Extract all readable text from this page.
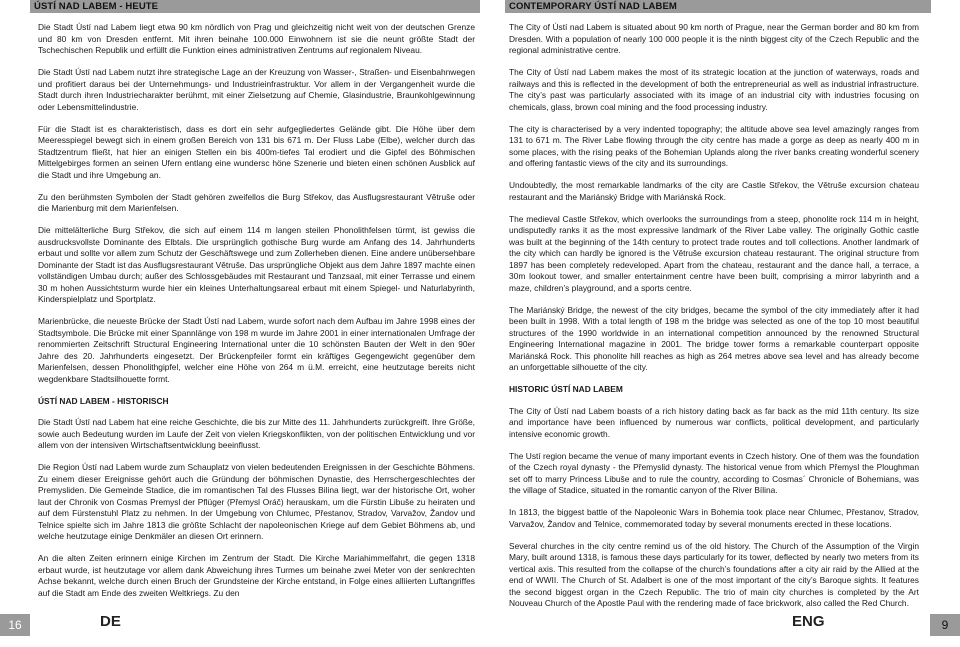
ÚSTÍ NAD LABEM - HEUTE	CONTEMPORARY ÚSTÍ NAD LABEM

Die Stadt Ústí nad Labem liegt etwa 90 km nördlich von Prag und gleichzeitig nicht weit von der deutschen Grenze und 80 km von Dresden entfernt. Mit ihren beinahe 100.000 Einwohnern ist sie die neunt größte Stadt der Tschechischen Republik und erfüllt die Funktion eines administrativen Zentrums auf regionalem Niveau.

Die Stadt Ústí nad Labem nutzt ihre strategische Lage an der Kreuzung von Wasser-, Straßen- und Eisenbahnwegen und profitiert daraus bei der Unternehmungs- und Industrieinfrastruktur. Vor allem in der Vergangenheit wurde die Stadt durch ihren Industriecharakter berühmt, mit einer Zielsetzung auf Chemie, Glasindustrie, Braunkohlgewinnung oder Lebensmittelindustrie.

Für die Stadt ist es charakteristisch, dass es dort ein sehr aufgegliedertes Gelände gibt. Die Höhe über dem Meeresspiegel bewegt sich in einem großen Bereich von 131 bis 671 m. Der Fluss Labe (Elbe), welcher durch das Stadtzentrum fließt, hat hier an einigen Stellen ein bis 400m-tiefes Tal erodiert und die Gipfel des Böhmischen Mittelgebirges formen an seinen Ufern entlang eine wundersc höne Szenerie und bieten einen schönen Ausblick auf die Stadt und ihre Umgebung an.

Zu den berühmsten Symbolen der Stadt gehören zweifellos die Burg Střekov, das Ausflugsrestaurant Větruše oder die Marienburg mit dem Marienfelsen.

Die mittelälterliche Burg Střekov, die sich auf einem 114 m langen steilen Phonolithfelsen türmt, ist gewiss die ausdrucksvollste Dominante des Elbtals. Die ursprünglich gothische Burg wurde am Anfang des 14. Jahrhunderts erbaut und sollte vor allem zum Schutz der Geschäftswege und zum Zollerheben dienen. Eine andere unübersehbare Dominante der Stadt ist das Ausflugsrestaurant Větruše. Das ursprüngliche Objekt aus dem Jahre 1897 machte einen vollständigen Umbau durch; außer des Schlossgebäudes mit Restaurant und Tanzsaal, mit einer Terrasse und einem 30 m hohen Aussichtsturm wurde hier ein kleines Unterhaltungsareal erbaut mit einem Spiegel- und Naturlabyrinth, Kinderspielplatz und Sportplatz.

Marienbrücke, die neueste Brücke der Stadt Ústí nad Labem, wurde sofort nach dem Aufbau im Jahre 1998 eines der Stadtsymbole. Die Brücke mit einer Spannlänge von 198 m wurde im Jahre 2001 in einer internationalen Umfrage der renommierten Zeitschrift Structural Engineering International unter die 10 schönsten Bauten der Welt in den 90er Jahre des 20. Jahrhunderts eingesetzt. Der Brückenpfeiler formt ein kräftiges Gegengewicht gegenüber dem Marienfelsen, dessen Phonolithgipfel, welcher eine Höhe von 264 m ü.M. erreicht, eine heutzutage bereits nicht wegdenkbare Stadtsilhouette formt.

ÚSTÍ NAD LABEM - HISTORISCH

Die Stadt Ústí nad Labem hat eine reiche Geschichte, die bis zur Mitte des 11. Jahrhunderts zurückgreift. Ihre Größe, sowie auch Bedeutung wurden im Laufe der Zeit von vielen Kriegskonflikten, von der politischen Entwicklung und vor allem von der intensiven Wirtschaftsentwicklung beeinflusst.

Die Region Ústí nad Labem wurde zum Schauplatz von vielen bedeutenden Ereignissen in der Geschichte Böhmens. Zu einem dieser Ereignisse gehört auch die Gründung der böhmischen Dynastie, des Herrschergeschlechtes der Premysliden. Die Gemeinde Stadice, die im romantischen Tal des Flusses Bilina liegt, war der historische Ort, woher laut der Chronik von Cosmas Premysl der Pflüger (Přemysl Oráč) herauskam, um die Fürstin Libuše zu heiraten und auf dem Fürstenstuhl Platz zu nehmen. In der Umgebung von Chlumec, Přestanov, Stradov, Varvažov, Žandov und Telnice spielte sich im Jahre 1813 die größte Schlacht der napoleonischen Kriege auf dem Gebiet Böhmens ab, und welche heutzutage einige Denkmäler an diesen Ort erinnern.

An die alten Zeiten erinnern einige Kirchen im Zentrum der Stadt. Die Kirche Mariahimmelfahrt, die gegen 1318 erbaut wurde, ist heutzutage vor allem dank Abweichung ihres Turmes um beinahe zwei Meter von der senkrechten Achse bekannt, welche durch einen Bruch der Grundsteine der Kirche entstand, in Folge eines alliierten Luftangriffes auf die Stadt am Ende des zweiten Weltkriegs. Zu den

The City of Ústí nad Labem is situated about 90 km north of Prague, near the German border and 80 km from Dresden. With a population of nearly 100 000 people it is the ninth biggest city of the Czech Republic and the regional administrative centre.

The City of Ústí nad Labem makes the most of its strategic location at the junction of waterways, roads and railways and this is reflected in the development of both the entrepreneurial as well as industrial infrastructure. The city’s past was particularly associated with its image of an industrial city with industries focusing on chemicals, glass, brown coal mining and the food processing industry.

The city is characterised by a very indented topography; the altitude above sea level amazingly ranges from 131 to 671 m. The River Labe flowing through the city centre has made a gorge as deep as nearly 400 m in some places, with the rising peaks of the Bohemian Uplands along the river banks creating wonderful scenery and offering fantastic views of the city and its surroundings.

Undoubtedly, the most remarkable landmarks of the city are Castle Střekov, the Větruše excursion chateau restaurant and the Mariánský Bridge with Mariánská Rock.

The medieval Castle Střekov, which overlooks the surroundings from a steep, phonolite rock 114 m in height, undisputedly ranks it as the most expressive landmark of the River Labe valley. The originally Gothic castle was built at the beginning of the 14th century to protect trade routes and toll collections. Another landmark of the city which can hardly be ignored is the Větruše excursion chateau restaurant. The original structure from 1897 has been completely redeveloped. Apart from the chateau, restaurant and the dance hall, a terrace, a 30m lookout tower, and smaller entertainment centre have been built, comprising a mirror labyrinth and a maze, children’s playground, and a sports centre.

The Mariánský Bridge, the newest of the city bridges, became the symbol of the city immediately after it had been built in 1998. With a total length of 198 m the bridge was selected as one of the top 10 most beautiful structures of the 1990 worldwide in an international competition announced by the renowned Structural Engineering International magazine in 2001. The bridge tower forms a remarkable counterpart opposite Mariánská Rock. This phonolite hill reaches as high as 264 metres above sea level and has already become an unforgettable silhouette of the city.

HISTORIC ÚSTÍ NAD LABEM

The City of Ústí nad Labem boasts of a rich history dating back as far back as the mid 11th century. Its size and importance have been influenced by numerous war conflicts, political development, and particularly intensive economic growth.

The Ustí region became the venue of many important events in Czech history. One of them was the foundation of the Czech royal dynasty - the Přemyslid dynasty. The historical venue from which Přemysl the Ploughman set off to marry Princess Libuše and to rule the country, according to Cosmas´ Chronicle of Bohemians, was the village of Stadice, situated in the romantic canyon of the River Bílina.

In 1813, the biggest battle of the Napoleonic Wars in Bohemia took place near Chlumec, Přestanov, Stradov, Varvažov, Žandov and Telnice, commemorated today by several monuments erected in these locations.

Several churches in the city centre remind us of the old history. The Church of the Assumption of the Virgin Mary, built around 1318, is famous these days particularly for its tower, deflected by nearly two meters from its vertical axis. This resulted from the collapse of the church’s foundations after a city air raid by the Allied at the end of WWII. The Church of St. Adalbert is one of the most important of the city’s Baroque sights. It features the second biggest organ in the Czech Republic. The trio of main city churches is completed by the Art Nouveau Church of the Apostle Paul with the rendering made of face brickwork, also called the Red Church.

16	DE	ENG	9
